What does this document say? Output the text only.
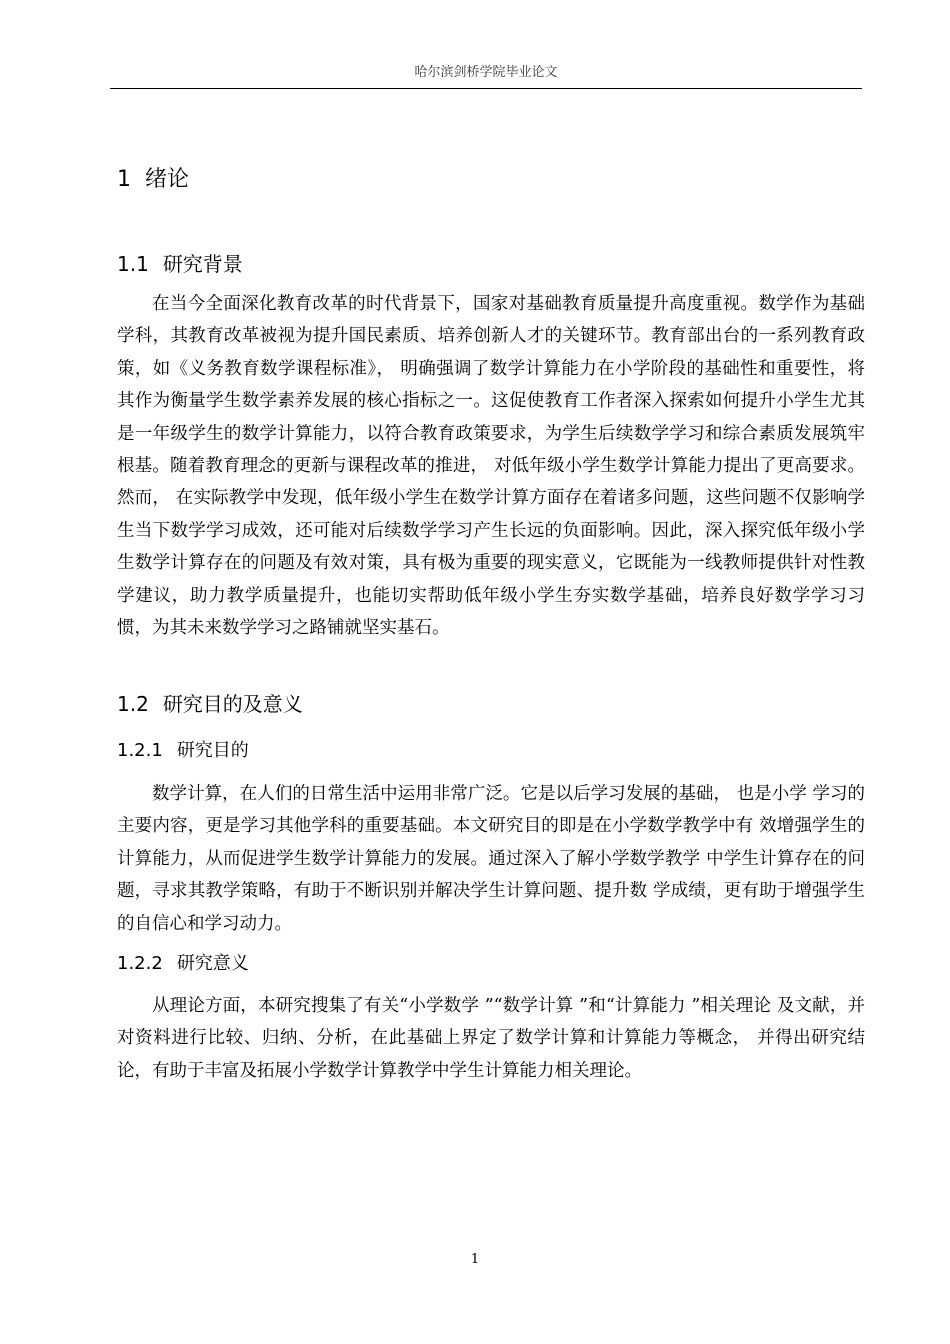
哈尔滨剑桥学院毕业论文
1 绪论
1.1 研究背景

在当今全面深化教育改革的时代背景下，国家对基础教育质量提升高度重视。数学作为基础学科，其教育改革被视为提升国民素质、培养创新人才的关键环节。教育部出台的一系列教育政策，如《义务教育数学课程标准》， 明确强调了数学计算能力在小学阶段的基础性和重要性，将其作为衡量学生数学素养发展的核心指标之一。这促使教育工作者深入探索如何提升小学生尤其是一年级学生的数学计算能力，以符合教育政策要求，为学生后续数学学习和综合素质发展筑牢根基。随着教育理念的更新与课程改革的推进， 对低年级小学生数学计算能力提出了更高要求。然而， 在实际教学中发现，低年级小学生在数学计算方面存在着诸多问题，这些问题不仅影响学生当下数学学习成效，还可能对后续数学学习产生长远的负面影响。因此，深入探究低年级小学生数学计算存在的问题及有效对策，具有极为重要的现实意义，它既能为一线教师提供针对性教学建议，助力教学质量提升，也能切实帮助低年级小学生夯实数学基础，培养良好数学学习习惯，为其未来数学学习之路铺就坚实基石。

1.2 研究目的及意义
1.2.1 研究目的

数学计算，在人们的日常生活中运用非常广泛。它是以后学习发展的基础， 也是小学 学习的主要内容，更是学习其他学科的重要基础。本文研究目的即是在小学数学教学中有 效增强学生的计算能力，从而促进学生数学计算能力的发展。通过深入了解小学数学教学 中学生计算存在的问题，寻求其教学策略，有助于不断识别并解决学生计算问题、提升数 学成绩，更有助于增强学生的自信心和学习动力。

1.2.2 研究意义

从理论方面，本研究搜集了有关“小学数学 ”“数学计算 ”和“计算能力 ”相关理论 及文献，并对资料进行比较、归纳、分析，在此基础上界定了数学计算和计算能力等概念， 并得出研究结论，有助于丰富及拓展小学数学计算教学中学生计算能力相关理论。

1
